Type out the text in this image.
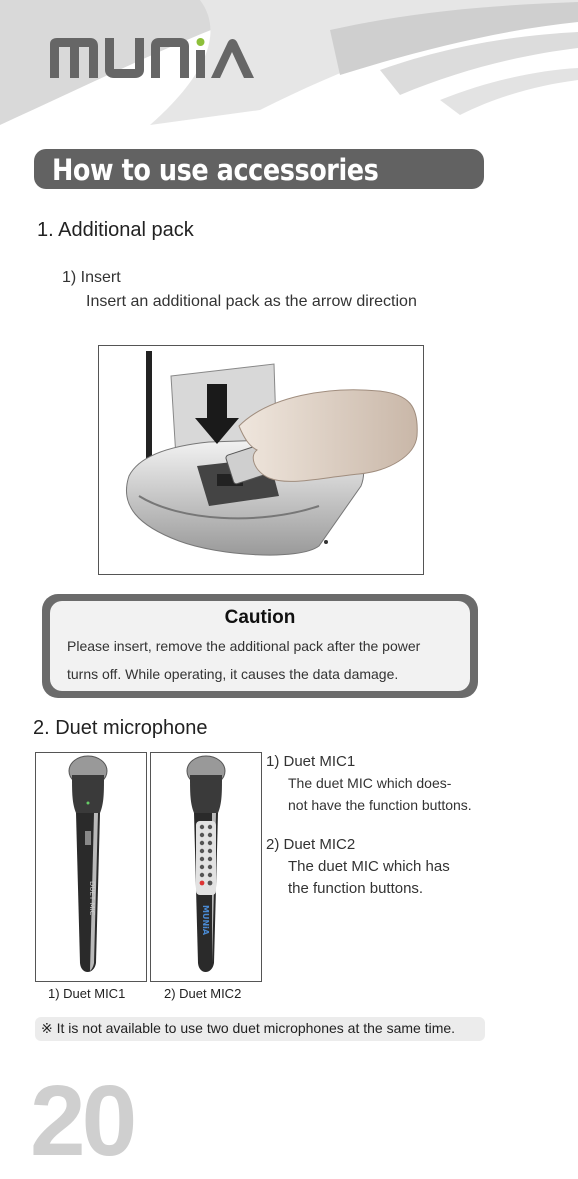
How to use accessories
1. Additional pack
1) Insert
Insert an additional pack as the arrow direction
Caution
Please insert, remove the additional pack after the power
turns off. While operating, it causes the data damage.
2. Duet microphone
DUET MIC
MUNiA
1) Duet MIC1	2) Duet MIC2
1) Duet MIC1
The duet MIC which does-
not have the function buttons.
2) Duet MIC2
The duet MIC which has
the function buttons.
※ It is not available to use two duet microphones at the same time.
20
